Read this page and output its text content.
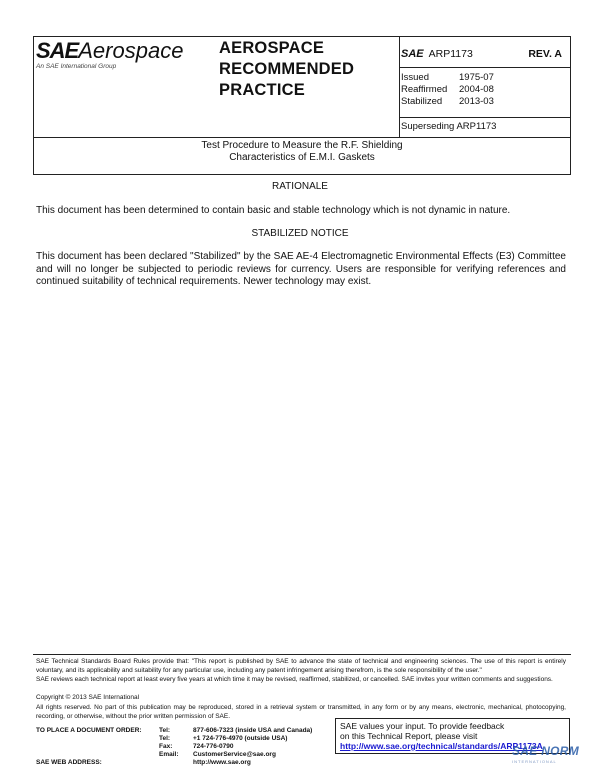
SAEAerospace
An SAE International Group
AEROSPACE
RECOMMENDED
PRACTICE
SAE ARP1173	REV. A
Issued	1975-07
Reaffirmed 2004-08
Stabilized 2013-03
Superseding ARP1173
Test Procedure to Measure the R.F. Shielding
Characteristics of E.M.I. Gaskets
RATIONALE
This document has been determined to contain basic and stable technology which is not dynamic in nature.
STABILIZED NOTICE
This document has been declared "Stabilized" by the SAE AE-4 Electromagnetic Environmental Effects (E3) Committee and will no longer be subjected to periodic reviews for currency. Users are responsible for verifying references and continued suitability of technical requirements. Newer technology may exist.
SAE Technical Standards Board Rules provide that: "This report is published by SAE to advance the state of technical and engineering sciences. The use of this report is entirely voluntary, and its applicability and suitability for any particular use, including any patent infringement arising therefrom, is the sole responsibility of the user."
SAE reviews each technical report at least every five years at which time it may be revised, reaffirmed, stabilized, or cancelled. SAE invites your written comments and suggestions.
Copyright © 2013 SAE International
All rights reserved. No part of this publication may be reproduced, stored in a retrieval system or transmitted, in any form or by any means, electronic, mechanical, photocopying, recording, or otherwise, without the prior written permission of SAE.
TO PLACE A DOCUMENT ORDER:	Tel:	877-606-7323 (inside USA and Canada)
Tel:	+1 724-776-4970 (outside USA)
Fax:	724-776-0790
Email: CustomerService@sae.org
SAE WEB ADDRESS:	http://www.sae.org
SAE values your input. To provide feedback
on this Technical Report, please visit
http://www.sae.org/technical/standards/ARP1173A
SAE NORM
INTERNATIONAL
